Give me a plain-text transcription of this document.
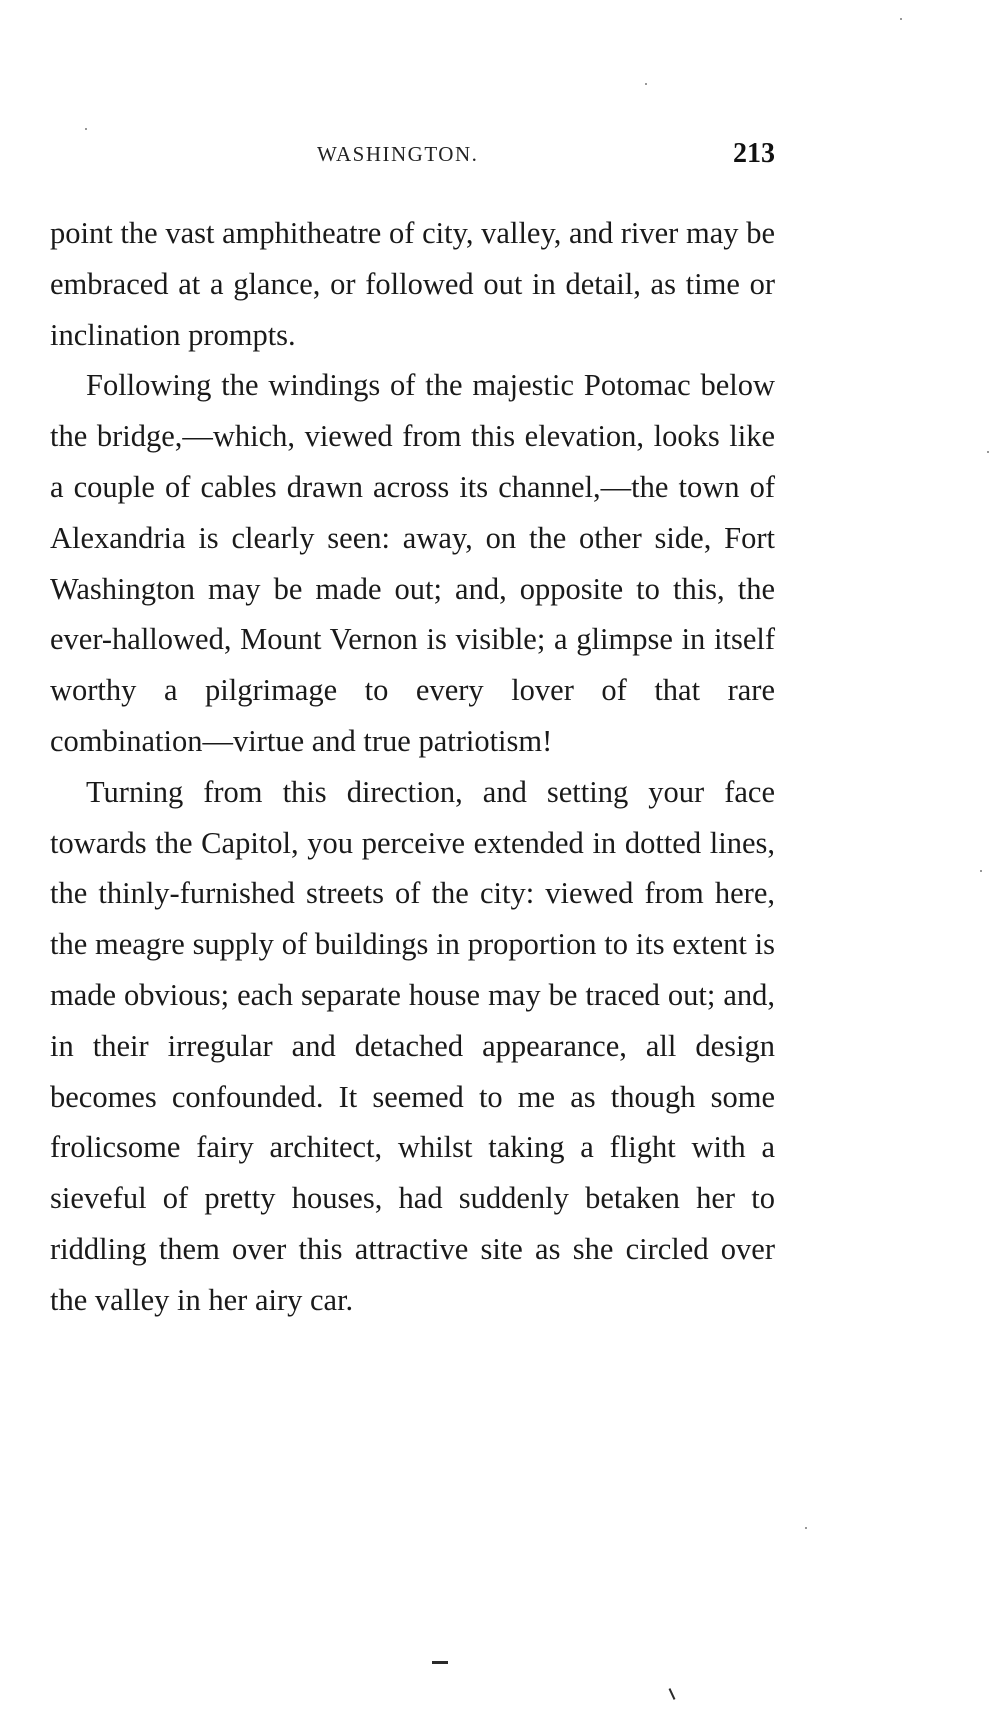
WASHINGTON.	213

point the vast amphitheatre of city, valley, and river may be embraced at a glance, or followed out in detail, as time or inclination prompts.

Following the windings of the majestic Potomac below the bridge,—which, viewed from this elevation, looks like a couple of cables drawn across its channel,—the town of Alexandria is clearly seen: away, on the other side, Fort Washington may be made out; and, opposite to this, the ever-hallowed, Mount Vernon is visible; a glimpse in itself worthy a pilgrimage to every lover of that rare combination—virtue and true patriotism!

Turning from this direction, and setting your face towards the Capitol, you perceive extended in dotted lines, the thinly-furnished streets of the city: viewed from here, the meagre supply of buildings in proportion to its extent is made obvious; each separate house may be traced out; and, in their irregular and detached appearance, all design becomes confounded. It seemed to me as though some frolicsome fairy architect, whilst taking a flight with a sieveful of pretty houses, had suddenly betaken her to riddling them over this attractive site as she circled over the valley in her airy car.
